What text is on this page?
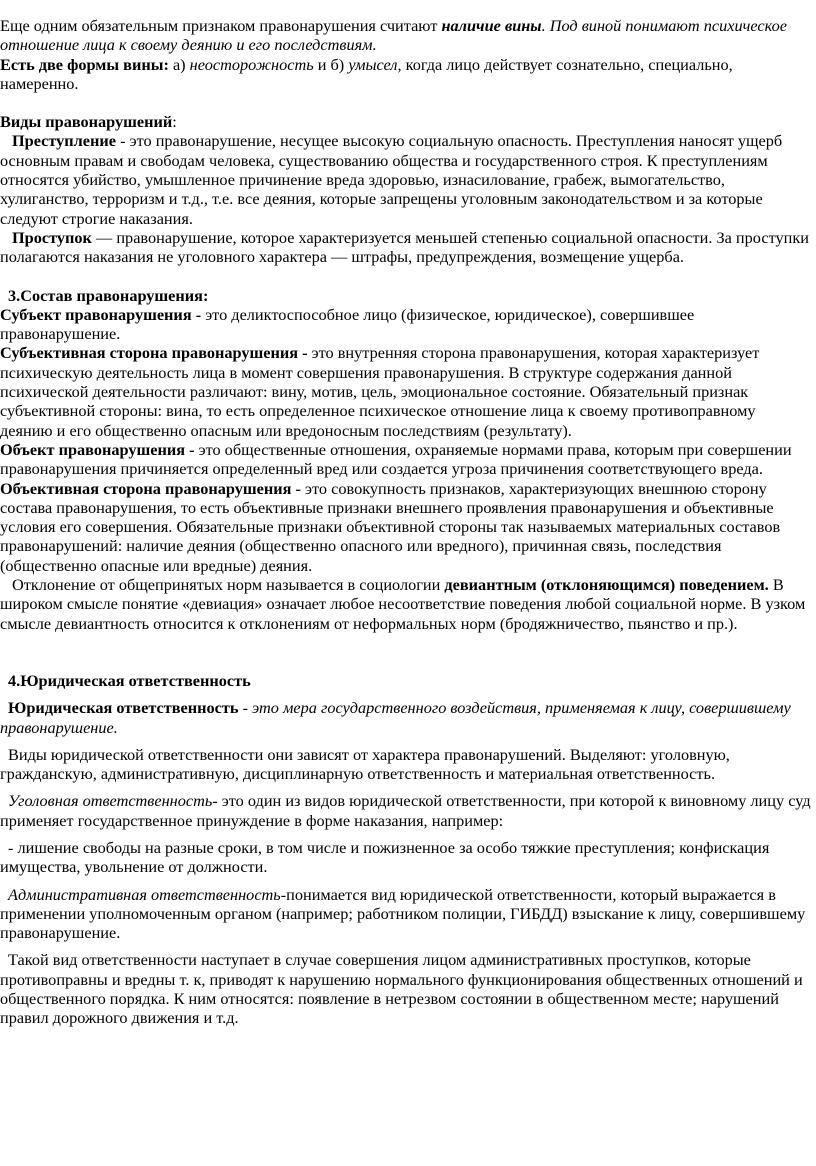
Еще одним обязательным признаком правонарушения считают наличие вины. Под виной понимают психическое отношение лица к своему деянию и его последствиям.

Есть две формы вины: а) неосторожность и б) умысел, когда лицо действует сознательно, специально, намеренно.

Виды правонарушений:

Преступление - это правонарушение, несущее высокую социальную опасность. Преступления наносят ущерб основным правам и свободам человека, существованию общества и государственного строя. К преступлениям относятся убийство, умышленное причинение вреда здоровью, изнасилование, грабеж, вымогательство, хулиганство, терроризм и т.д., т.е. все деяния, которые запрещены уголовным законодательством и за которые следуют строгие наказания.

Проступок — правонарушение, которое характеризуется меньшей степенью социальной опасности. За проступки полагаются наказания не уголовного характера — штрафы, предупреждения, возмещение ущерба.

3.Состав правонарушения:

Субъект правонарушения - это деликтоспособное лицо (физическое, юридическое), совершившее правонарушение.

Субъективная сторона правонарушения - это внутренняя сторона правонарушения, которая характеризует психическую деятельность лица в момент совершения правонарушения. В структуре содержания данной психической деятельности различают: вину, мотив, цель, эмоциональное состояние. Обязательный признак субъективной стороны: вина, то есть определенное психическое отношение лица к своему противоправному деянию и его общественно опасным или вредоносным последствиям (результату).

Объект правонарушения - это общественные отношения, охраняемые нормами права, которым при совершении правонарушения причиняется определенный вред или создается угроза причинения соответствующего вреда.

Объективная сторона правонарушения - это совокупность признаков, характеризующих внешнюю сторону состава правонарушения, то есть объективные признаки внешнего проявления правонарушения и объективные условия его совершения. Обязательные признаки объективной стороны так называемых материальных составов правонарушений: наличие деяния (общественно опасного или вредного), причинная связь, последствия (общественно опасные или вредные) деяния.

Отклонение от общепринятых норм называется в социологии девиантным (отклоняющимся) поведением. В широком смысле понятие «девиация» означает любое несоответствие поведения любой социальной норме. В узком смысле девиантность относится к отклонениям от неформальных норм (бродяжничество, пьянство и пр.).

4.Юридическая ответственность

Юридическая ответственность - это мера государственного воздействия, применяемая к лицу, совершившему правонарушение.

Виды юридической ответственности они зависят от характера правонарушений. Выделяют: уголовную, гражданскую, административную, дисциплинарную ответственность и материальная ответственность.

Уголовная ответственность- это один из видов юридической ответственности, при которой к виновному лицу суд применяет государственное принуждение в форме наказания, например:

- лишение свободы на разные сроки, в том числе и пожизненное за особо тяжкие преступления; конфискация имущества, увольнение от должности.

Административная ответственность-понимается вид юридической ответственности, который выражается в применении уполномоченным органом (например; работником полиции, ГИБДД) взыскание к лицу, совершившему правонарушение.

Такой вид ответственности наступает в случае совершения лицом административных проступков, которые противоправны и вредны т. к, приводят к нарушению нормального функционирования общественных отношений и общественного порядка. К ним относятся: появление в нетрезвом состоянии в общественном месте; нарушений правил дорожного движения и т.д.
